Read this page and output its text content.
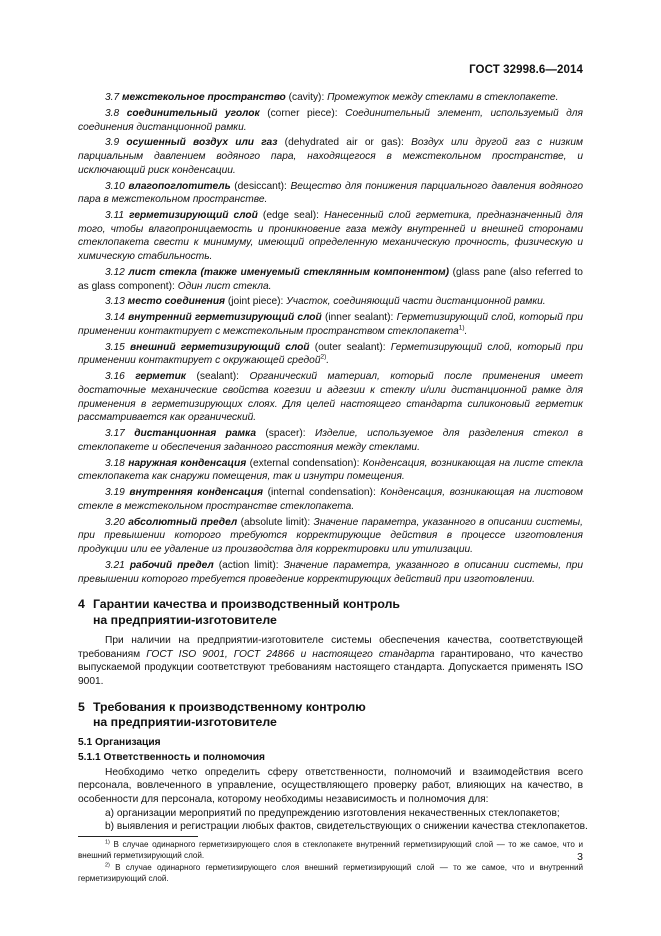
ГОСТ 32998.6—2014

3.7 межстекольное пространство (cavity): Промежуток между стеклами в стеклопакете.

3.8 соединительный уголок (corner piece): Соединительный элемент, используемый для соединения дистанционной рамки.

3.9 осушенный воздух или газ (dehydrated air or gas): Воздух или другой газ с низким парциальным давлением водяного пара, находящегося в межстекольном пространстве, и исключающий риск конденсации.

3.10 влагопоглотитель (desiccant): Вещество для понижения парциального давления водяного пара в межстекольном пространстве.

3.11 герметизирующий слой (edge seal): Нанесенный слой герметика, предназначенный для того, чтобы влагопроницаемость и проникновение газа между внутренней и внешней сторонами стеклопакета свести к минимуму, имеющий определенную механическую прочность, физическую и химическую стабильность.

3.12 лист стекла (также именуемый стеклянным компонентом) (glass pane (also referred to as glass component): Один лист стекла.

3.13 место соединения (joint piece): Участок, соединяющий части дистанционной рамки.

3.14 внутренний герметизирующий слой (inner sealant): Герметизирующий слой, который при применении контактирует с межстекольным пространством стеклопакета$^{1)}$.

3.15 внешний герметизирующий слой (outer sealant): Герметизирующий слой, который при применении контактирует с окружающей средой$^{2)}$.

3.16 герметик (sealant): Органический материал, который после применения имеет достаточные механические свойства когезии и адгезии к стеклу и/или дистанционной рамке для применения в герметизирующих слоях. Для целей настоящего стандарта силиконовый герметик рассматривается как органический.

3.17 дистанционная рамка (spacer): Изделие, используемое для разделения стекол в стеклопакете и обеспечения заданного расстояния между стеклами.

3.18 наружная конденсация (external condensation): Конденсация, возникающая на листе стекла стеклопакета как снаружи помещения, так и изнутри помещения.

3.19 внутренняя конденсация (internal condensation): Конденсация, возникающая на листовом стекле в межстекольном пространстве стеклопакета.

3.20 абсолютный предел (absolute limit): Значение параметра, указанного в описании системы, при превышении которого требуются корректирующие действия в процессе изготовления продукции или ее удаление из производства для корректировки или утилизации.

3.21 рабочий предел (action limit): Значение параметра, указанного в описании системы, при превышении которого требуется проведение корректирующих действий при изготовлении.

4 Гарантии качества и производственный контроль
на предприятии-изготовителе

При наличии на предприятии-изготовителе системы обеспечения качества, соответствующей требованиям ГОСТ ISO 9001, ГОСТ 24866 и настоящего стандарта гарантировано, что качество выпускаемой продукции соответствуют требованиям настоящего стандарта. Допускается применять ISO 9001.

5 Требования к производственному контролю
на предприятии-изготовителе
5.1 Организация
5.1.1 Ответственность и полномочия

Необходимо четко определить сферу ответственности, полномочий и взаимодействия всего персонала, вовлеченного в управление, осуществляющего проверку работ, влияющих на качество, в особенности для персонала, которому необходимы независимость и полномочия для:

а) организации мероприятий по предупреждению изготовления некачественных стеклопакетов;

b) выявления и регистрации любых фактов, свидетельствующих о снижении качества стеклопакетов.

$^{1)}$ В случае одинарного герметизирующего слоя в стеклопакете внутренний герметизирующий слой — то же самое, что и внешний герметизирующий слой.

$^{2)}$ В случае одинарного герметизирующего слоя внешний герметизирующий слой — то же самое, что и внутренний герметизирующий слой.

3
